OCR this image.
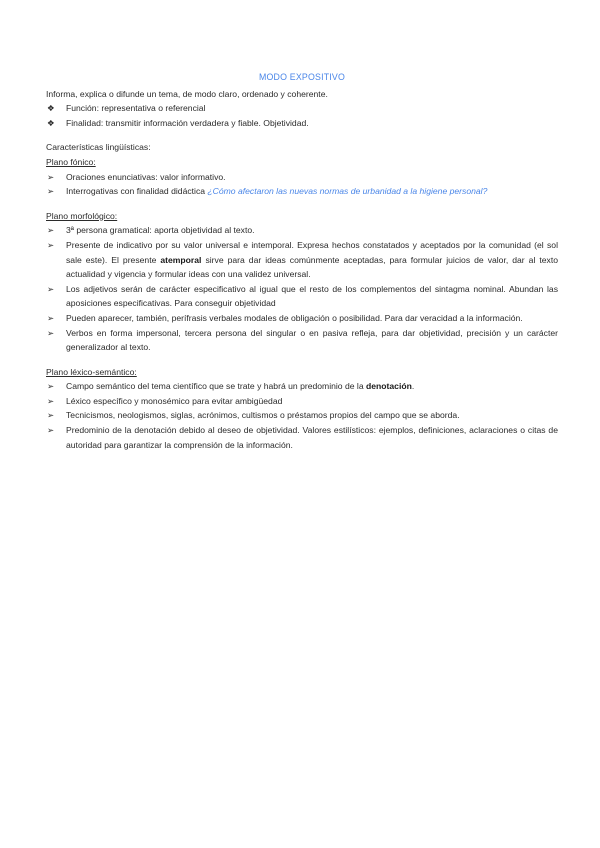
MODO EXPOSITIVO

Informa, explica o difunde un tema, de modo claro, ordenado y coherente.

❖ Función: representativa o referencial
❖ Finalidad: transmitir información verdadera y fiable. Objetividad.

Características lingüísticas:

Plano fónico:

➢ Oraciones enunciativas: valor informativo.
➢ Interrogativas con finalidad didáctica ¿Cómo afectaron las nuevas normas de urbanidad a la higiene personal?

Plano morfológico:

➢ 3ª persona gramatical: aporta objetividad al texto.
➢ Presente de indicativo por su valor universal e intemporal. Expresa hechos constatados y aceptados por la comunidad (el sol sale este). El presente atemporal sirve para dar ideas comúnmente aceptadas, para formular juicios de valor, dar al texto actualidad y vigencia y formular ideas con una validez universal.
➢ Los adjetivos serán de carácter especificativo al igual que el resto de los complementos del sintagma nominal. Abundan las aposiciones especificativas. Para conseguir objetividad
➢ Pueden aparecer, también, perífrasis verbales modales de obligación o posibilidad. Para dar veracidad a la información.
➢ Verbos en forma impersonal, tercera persona del singular o en pasiva refleja, para dar objetividad, precisión y un carácter generalizador al texto.

Plano léxico-semántico:

➢ Campo semántico del tema científico que se trate y habrá un predominio de la denotación.
➢ Léxico específico y monosémico para evitar ambigüedad
➢ Tecnicismos, neologismos, siglas, acrónimos, cultismos o préstamos propios del campo que se aborda.
➢ Predominio de la denotación debido al deseo de objetividad. Valores estilísticos: ejemplos, definiciones, aclaraciones o citas de autoridad para garantizar la comprensión de la información.
